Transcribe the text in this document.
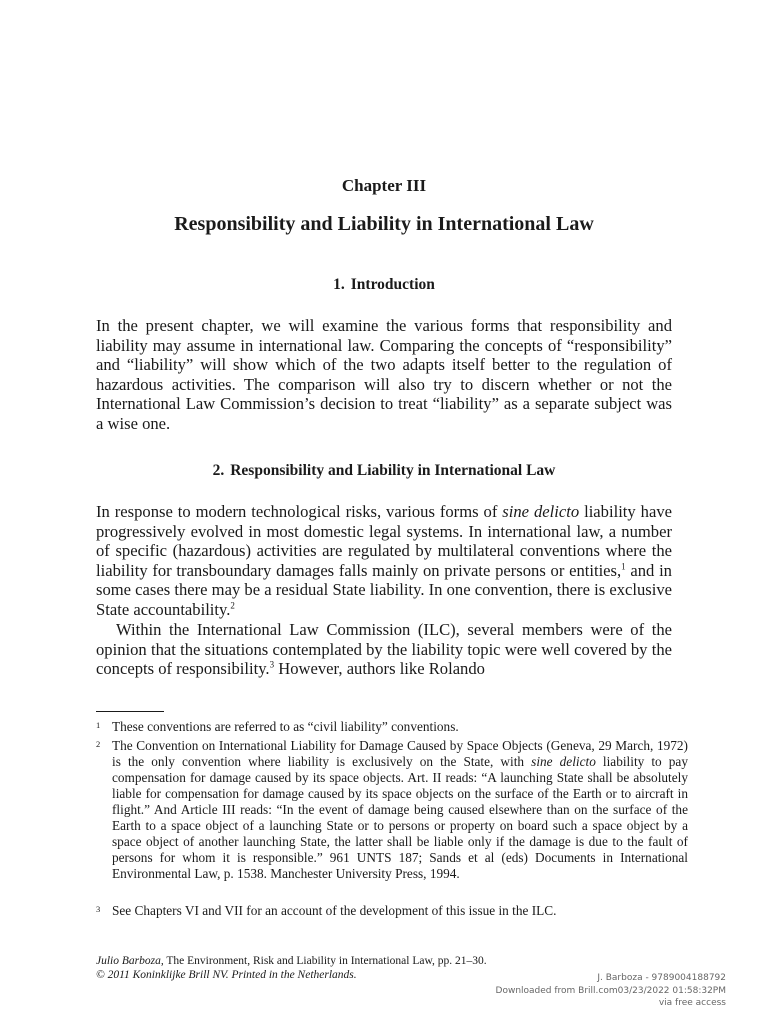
Chapter III
Responsibility and Liability in International Law
1. Introduction

In the present chapter, we will examine the various forms that responsibility and liability may assume in international law. Comparing the concepts of “responsibility” and “liability” will show which of the two adapts itself better to the regulation of hazardous activities. The comparison will also try to discern whether or not the International Law Commission’s decision to treat “liability” as a separate subject was a wise one.

2. Responsibility and Liability in International Law

In response to modern technological risks, various forms of sine delicto liability have progressively evolved in most domestic legal systems. In international law, a number of specific (hazardous) activities are regulated by multilateral conventions where the liability for transboundary damages falls mainly on private persons or entities,$^1$ and in some cases there may be a residual State liability. In one convention, there is exclusive State accountability.$^2$

Within the International Law Commission (ILC), several members were of the opinion that the situations contemplated by the liability topic were well covered by the concepts of responsibility.$^3$ However, authors like Rolando

1 These conventions are referred to as “civil liability” conventions.
2 The Convention on International Liability for Damage Caused by Space Objects (Geneva, 29 March, 1972) is the only convention where liability is exclusively on the State, with sine delicto liability to pay compensation for damage caused by its space objects. Art. II reads: “A launching State shall be absolutely liable for compensation for damage caused by its space objects on the surface of the Earth or to aircraft in flight.” And Article III reads: “In the event of damage being caused elsewhere than on the surface of the Earth to a space object of a launching State or to persons or property on board such a space object by a space object of another launching State, the latter shall be liable only if the damage is due to the fault of persons for whom it is responsible.” 961 UNTS 187; Sands et al (eds) Documents in International Environmental Law, p. 1538. Manchester University Press, 1994.
3 See Chapters VI and VII for an account of the development of this issue in the ILC.
Julio Barboza, The Environment, Risk and Liability in International Law, pp. 21–30.
© 2011 Koninklijke Brill NV. Printed in the Netherlands.	J. Barboza - 9789004188792
Downloaded from Brill.com03/23/2022 01:58:32PM
via free access
